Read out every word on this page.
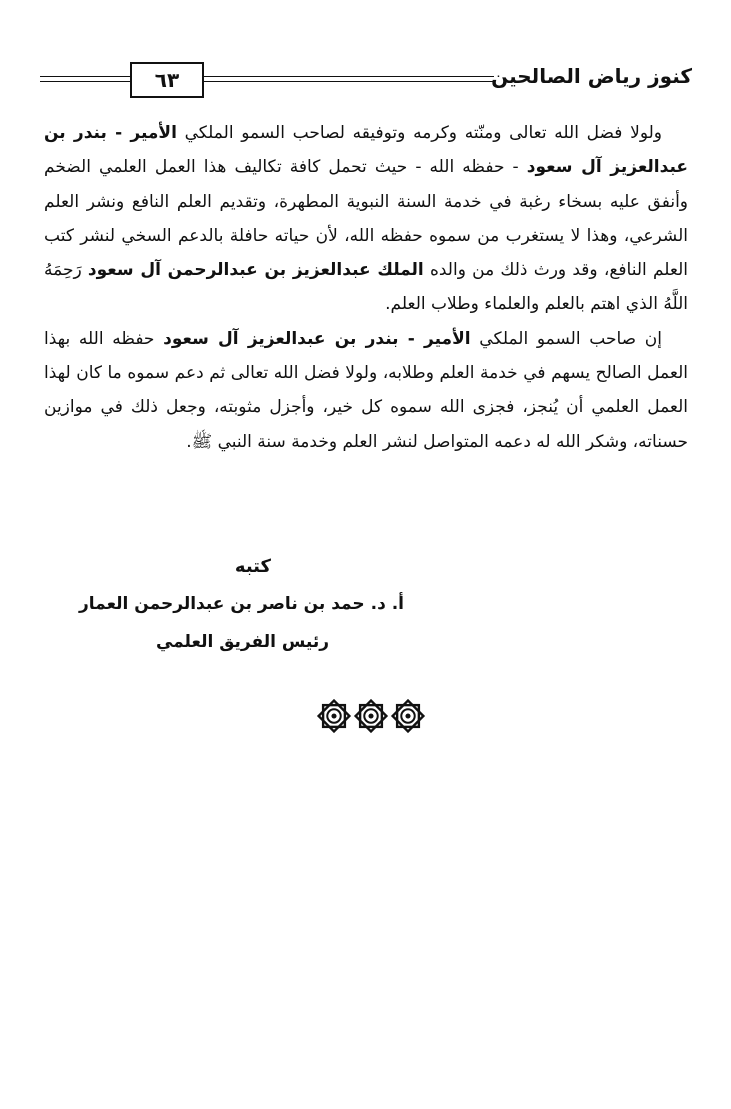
٦٣	كنوز رياض الصالحين

ولولا فضل الله تعالى ومنّته وكرمه وتوفيقه لصاحب السمو الملكي الأمير - بندر بن عبدالعزيز آل سعود - حفظه الله - حيث تحمل كافة تكاليف هذا العمل العلمي الضخم وأنفق عليه بسخاء رغبة في خدمة السنة النبوية المطهرة، وتقديم العلم النافع ونشر العلم الشرعي، وهذا لا يستغرب من سموه حفظه الله، لأن حياته حافلة بالدعم السخي لنشر كتب العلم النافع، وقد ورث ذلك من والده الملك عبدالعزيز بن عبدالرحمن آل سعود رَحِمَهُ اللَّهُ الذي اهتم بالعلم والعلماء وطلاب العلم.

إن صاحب السمو الملكي الأمير - بندر بن عبدالعزيز آل سعود حفظه الله بهذا العمل الصالح يسهم في خدمة العلم وطلابه، ولولا فضل الله تعالى ثم دعم سموه ما كان لهذا العمل العلمي أن يُنجز، فجزى الله سموه كل خير، وأجزل مثوبته، وجعل ذلك في موازين حسناته، وشكر الله له دعمه المتواصل لنشر العلم وخدمة سنة النبي ﷺ.

كتبه
أ. د. حمد بن ناصر بن عبدالرحمن العمار
رئيس الفريق العلمي
